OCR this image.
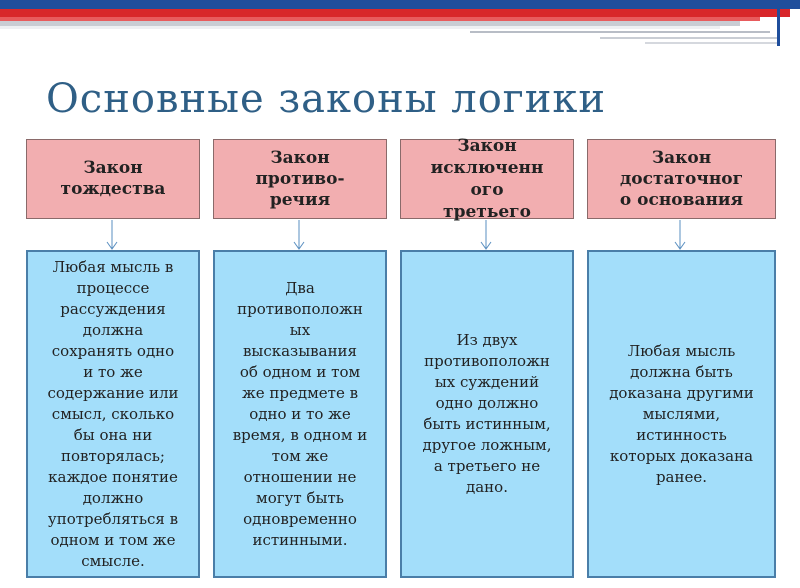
Основные законы логики
Закон
тождества
Закон
противо-
речия
Закон
исключенн
ого
третьего
Закон
достаточног
о основания
Любая мысль в
процессе
рассуждения
должна
сохранять одно
и то же
содержание или
смысл, сколько
бы она ни
повторялась;
каждое понятие
должно
употребляться в
одном и том же
смысле.
Два
противоположн
ых
высказывания
об одном и том
же предмете в
одно и то же
время, в одном и
том же
отношении не
могут быть
одновременно
истинными.
Из двух
противоположн
ых суждений
одно должно
быть истинным,
другое ложным,
а третьего не
дано.
Любая мысль
должна быть
доказана другими
мыслями,
истинность
которых доказана
ранее.
